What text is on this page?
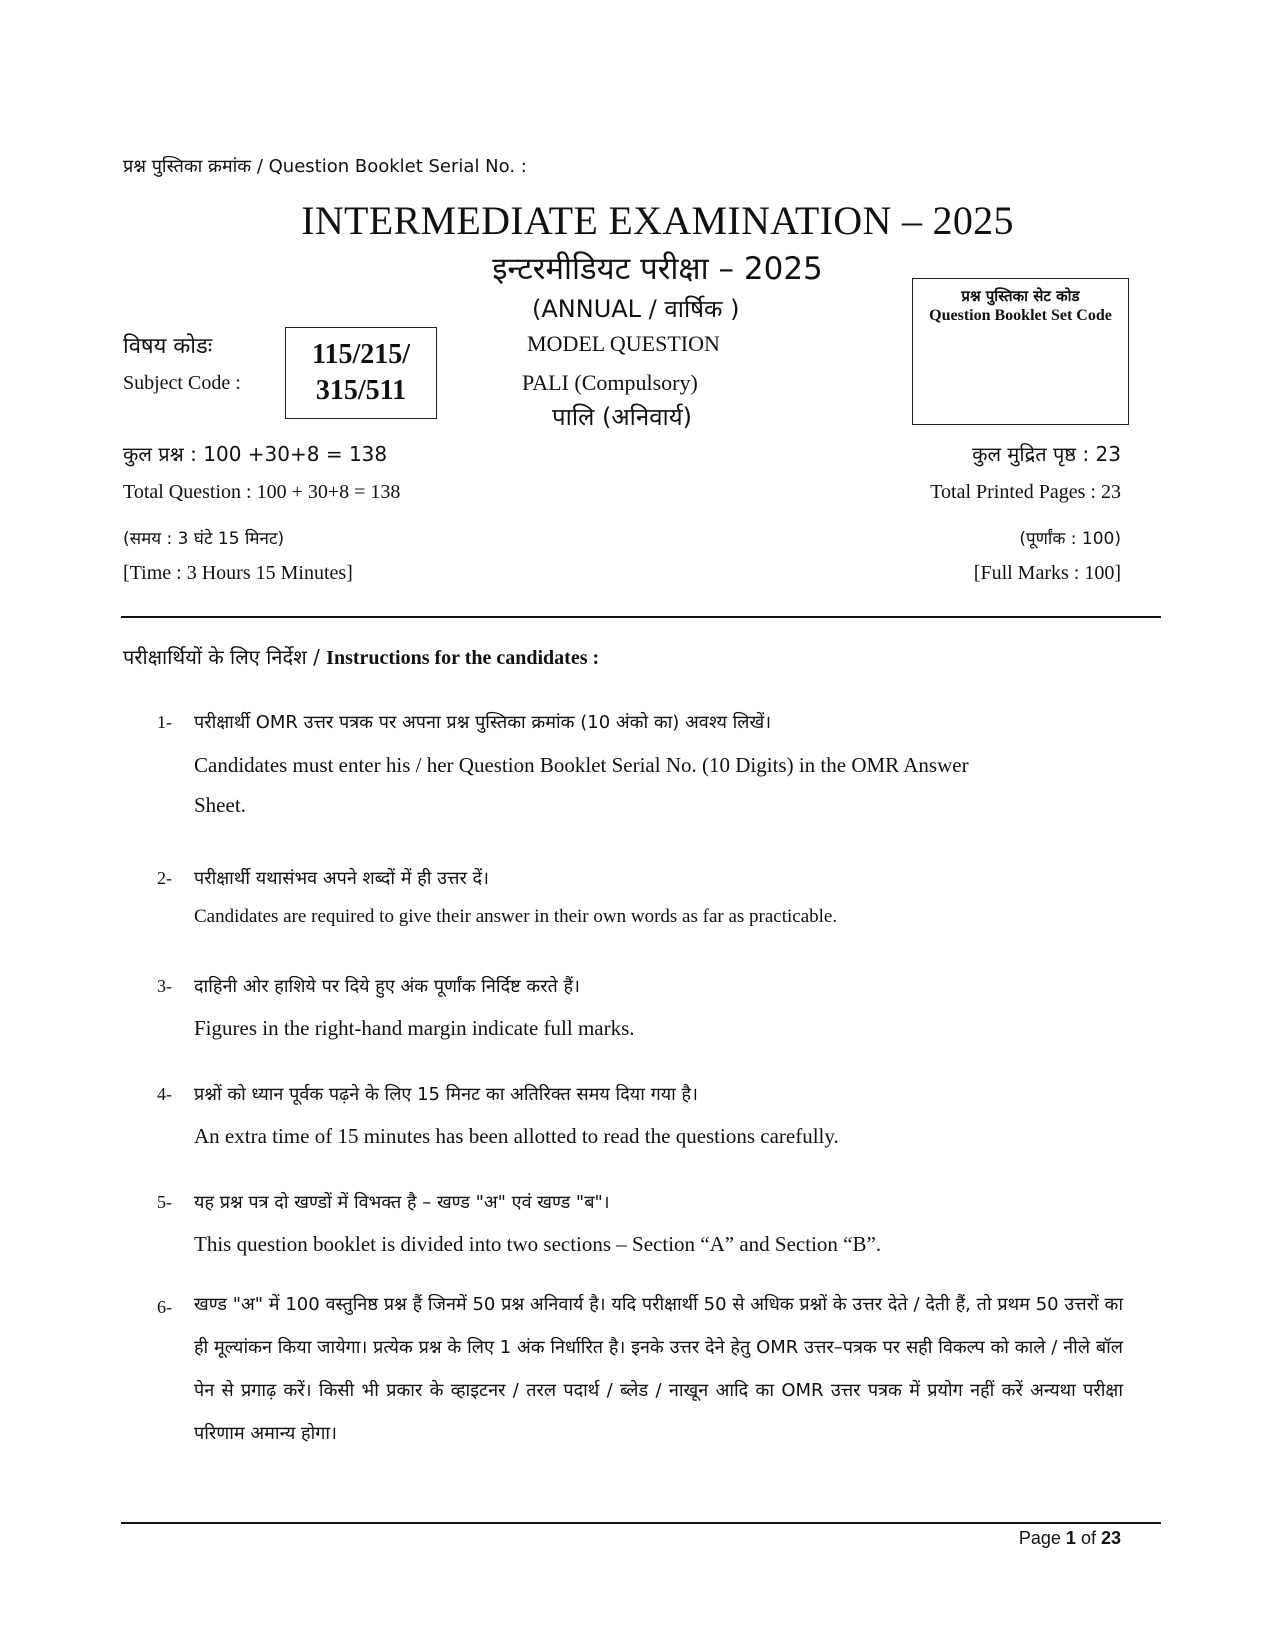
प्रश्न पुस्तिका क्रमांक / Question Booklet Serial No. :
INTERMEDIATE EXAMINATION – 2025
इन्टरमीडियट परीक्षा – 2025
(ANNUAL / वार्षिक )
MODEL QUESTION
PALI (Compulsory)
पालि (अनिवार्य)
विषय कोडः
Subject Code :
115/215/
315/511
प्रश्न पुस्तिका सेट कोड
Question Booklet Set Code
कुल प्रश्न : 100 +30+8 = 138
Total Question : 100 + 30+8 = 138
(समय : 3 घंटे 15 मिनट)
[Time : 3 Hours 15 Minutes]
कुल मुद्रित पृष्ठ : 23
Total Printed Pages : 23
(पूर्णांक : 100)
[Full Marks : 100]
परीक्षार्थियों के लिए निर्देश / Instructions for the candidates :
1- परीक्षार्थी OMR उत्तर पत्रक पर अपना प्रश्न पुस्तिका क्रमांक (10 अंको का) अवश्य लिखें।
Candidates must enter his / her Question Booklet Serial No. (10 Digits) in the OMR Answer
Sheet.
2- परीक्षार्थी यथासंभव अपने शब्दों में ही उत्तर दें।
Candidates are required to give their answer in their own words as far as practicable.
3- दाहिनी ओर हाशिये पर दिये हुए अंक पूर्णांक निर्दिष्ट करते हैं।
Figures in the right-hand margin indicate full marks.
4- प्रश्नों को ध्यान पूर्वक पढ़ने के लिए 15 मिनट का अतिरिक्त समय दिया गया है।
An extra time of 15 minutes has been allotted to read the questions carefully.
5- यह प्रश्न पत्र दो खण्डों में विभक्त है – खण्ड "अ" एवं खण्ड "ब"।
This question booklet is divided into two sections – Section “A” and Section “B”.
6- खण्ड "अ" में 100 वस्तुनिष्ठ प्रश्न हैं जिनमें 50 प्रश्न अनिवार्य है। यदि परीक्षार्थी 50 से अधिक प्रश्नों के उत्तर देते / देती हैं, तो प्रथम 50 उत्तरों का ही मूल्यांकन किया जायेगा। प्रत्येक प्रश्न के लिए 1 अंक निर्धारित है। इनके उत्तर देने हेतु OMR उत्तर–पत्रक पर सही विकल्प को काले / नीले बॉल पेन से प्रगाढ़ करें। किसी भी प्रकार के व्हाइटनर / तरल पदार्थ / ब्लेड / नाखून आदि का OMR उत्तर पत्रक में प्रयोग नहीं करें अन्यथा परीक्षा परिणाम अमान्य होगा।
Page 1 of 23
